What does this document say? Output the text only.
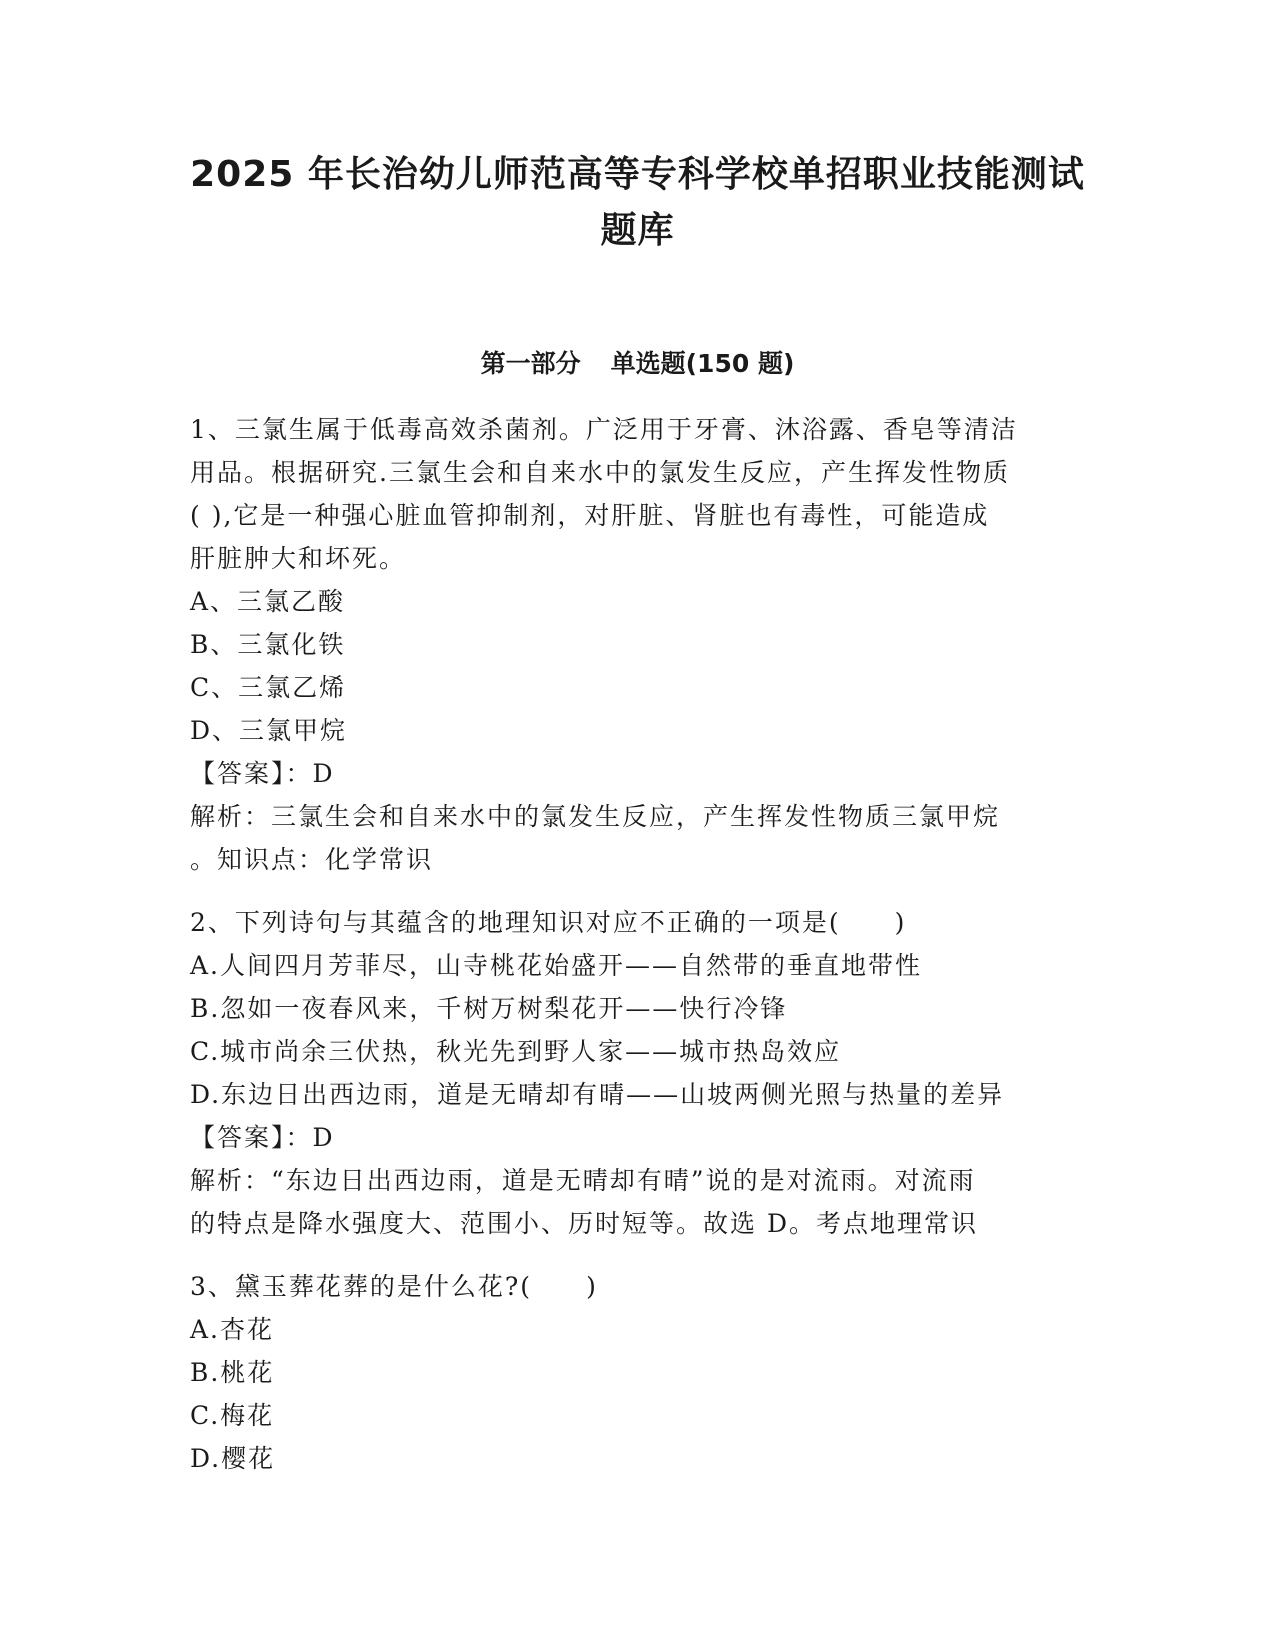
2025 年长治幼儿师范高等专科学校单招职业技能测试
题库
第一部分 单选题(150 题)

1、三氯生属于低毒高效杀菌剂。广泛用于牙膏、沐浴露、香皂等清洁

用品。根据研究.三氯生会和自来水中的氯发生反应，产生挥发性物质

( ),它是一种强心脏血管抑制剂，对肝脏、肾脏也有毒性，可能造成

肝脏肿大和坏死。

A、三氯乙酸

B、三氯化铁

C、三氯乙烯

D、三氯甲烷

【答案】：D

解析：三氯生会和自来水中的氯发生反应，产生挥发性物质三氯甲烷

。知识点：化学常识

2、下列诗句与其蕴含的地理知识对应不正确的一项是(　　)

A.人间四月芳菲尽，山寺桃花始盛开——自然带的垂直地带性

B.忽如一夜春风来，千树万树梨花开——快行冷锋

C.城市尚余三伏热，秋光先到野人家——城市热岛效应

D.东边日出西边雨，道是无晴却有晴——山坡两侧光照与热量的差异

【答案】：D

解析：“东边日出西边雨，道是无晴却有晴”说的是对流雨。对流雨

的特点是降水强度大、范围小、历时短等。故选 D。考点地理常识

3、黛玉葬花葬的是什么花?(　　)

A.杏花

B.桃花

C.梅花

D.樱花
